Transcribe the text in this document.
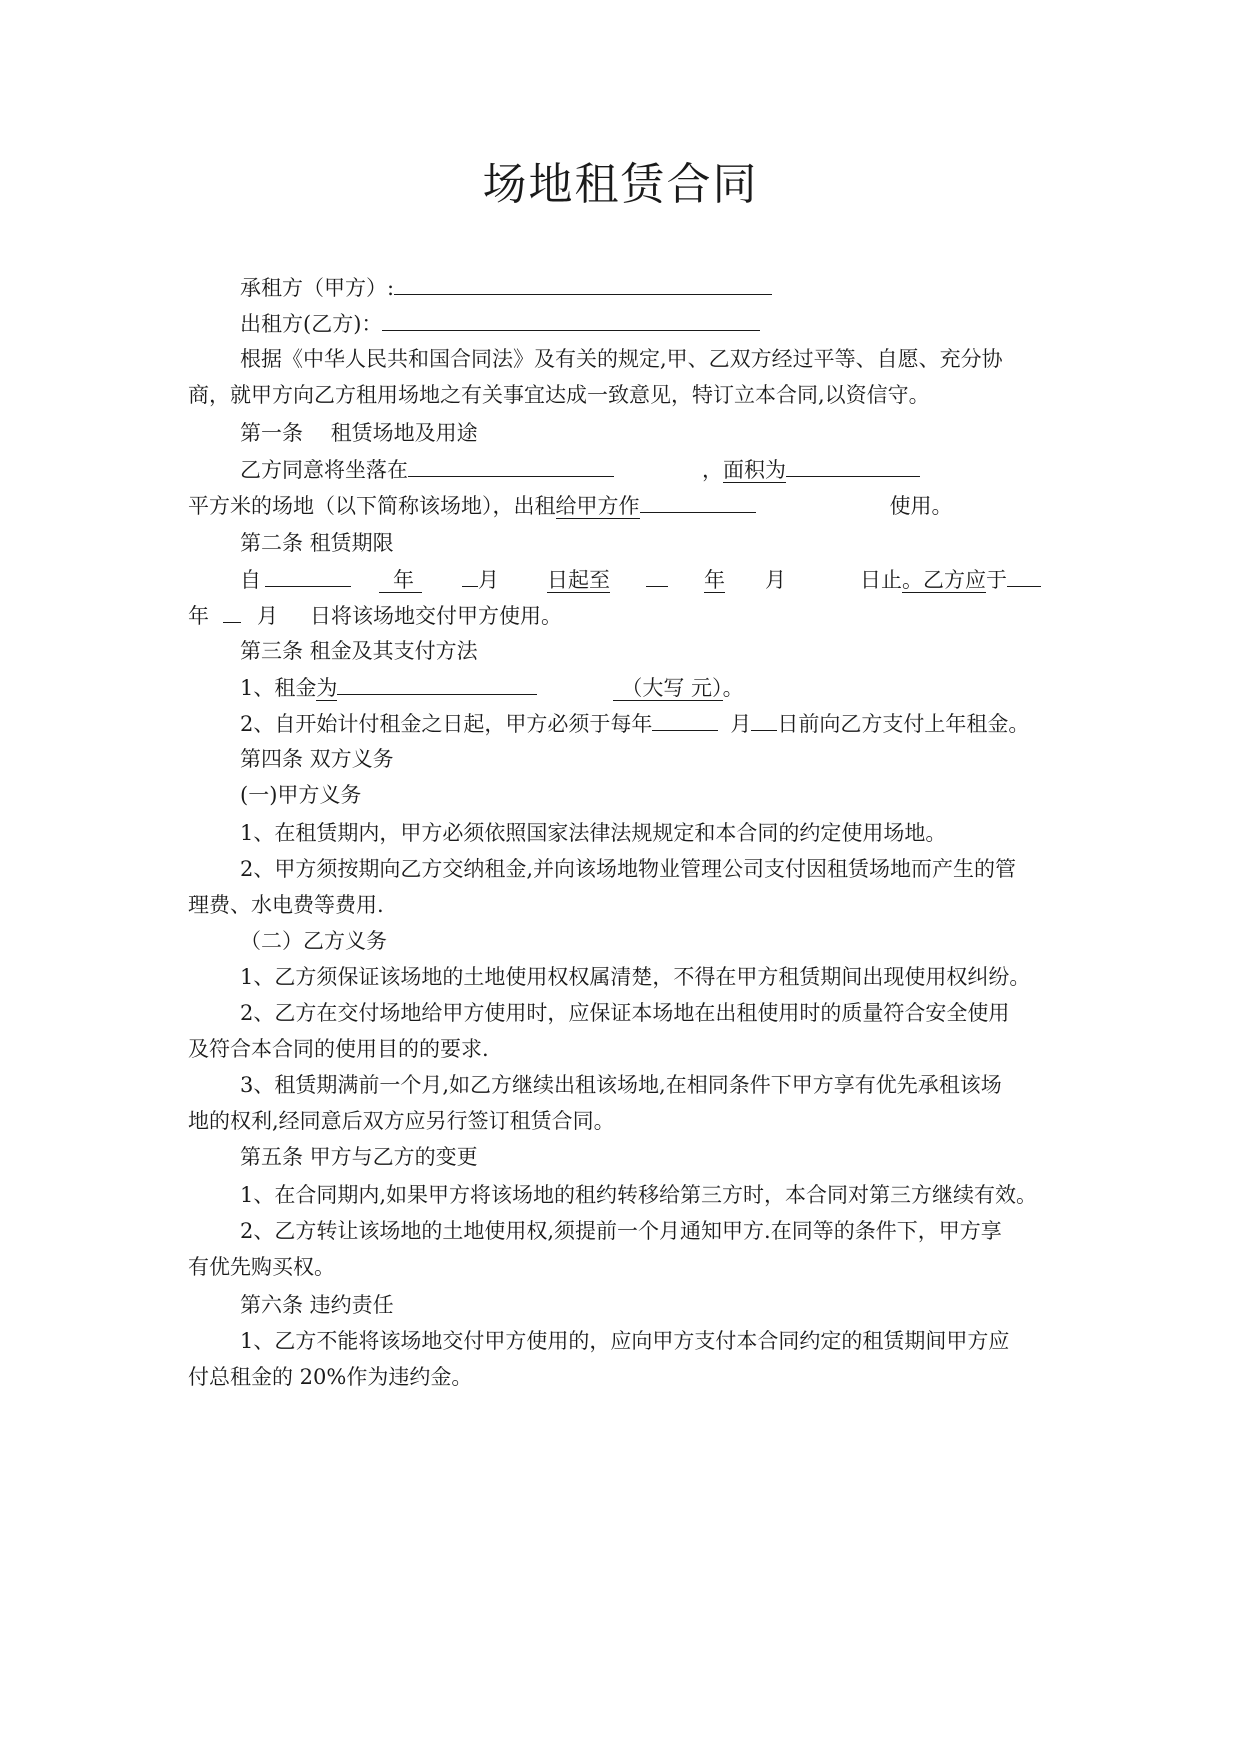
场地租赁合同
承租方（甲方）:
出租方(乙方)：
根据《中华人民共和国合同法》及有关的规定,甲、乙双方经过平等、自愿、充分协
商，就甲方向乙方租用场地之有关事宜达成一致意见，特订立本合同,以资信守。
第一条　 租赁场地及用途
乙方同意将坐落在	，面积为
平方米的场地（以下简称该场地），出租给甲方作	使用。
第二条 租赁期限
自	年	月 日起至	年 月	日止。乙方应于
年 月 日将该场地交付甲方使用。
第三条 租金及其支付方法
1、租金为	（大写 元）。
2、自开始计付租金之日起，甲方必须于每年	月 日前向乙方支付上年租金。
第四条 双方义务
(一)甲方义务
1、在租赁期内，甲方必须依照国家法律法规规定和本合同的约定使用场地。
2、甲方须按期向乙方交纳租金,并向该场地物业管理公司支付因租赁场地而产生的管
理费、水电费等费用.
（二）乙方义务
1、乙方须保证该场地的土地使用权权属清楚，不得在甲方租赁期间出现使用权纠纷。
2、乙方在交付场地给甲方使用时，应保证本场地在出租使用时的质量符合安全使用
及符合本合同的使用目的的要求.
3、租赁期满前一个月,如乙方继续出租该场地,在相同条件下甲方享有优先承租该场
地的权利,经同意后双方应另行签订租赁合同。
第五条 甲方与乙方的变更
1、在合同期内,如果甲方将该场地的租约转移给第三方时，本合同对第三方继续有效。
2、乙方转让该场地的土地使用权,须提前一个月通知甲方.在同等的条件下，甲方享
有优先购买权。
第六条 违约责任
1、乙方不能将该场地交付甲方使用的，应向甲方支付本合同约定的租赁期间甲方应
付总租金的 20%作为违约金。
